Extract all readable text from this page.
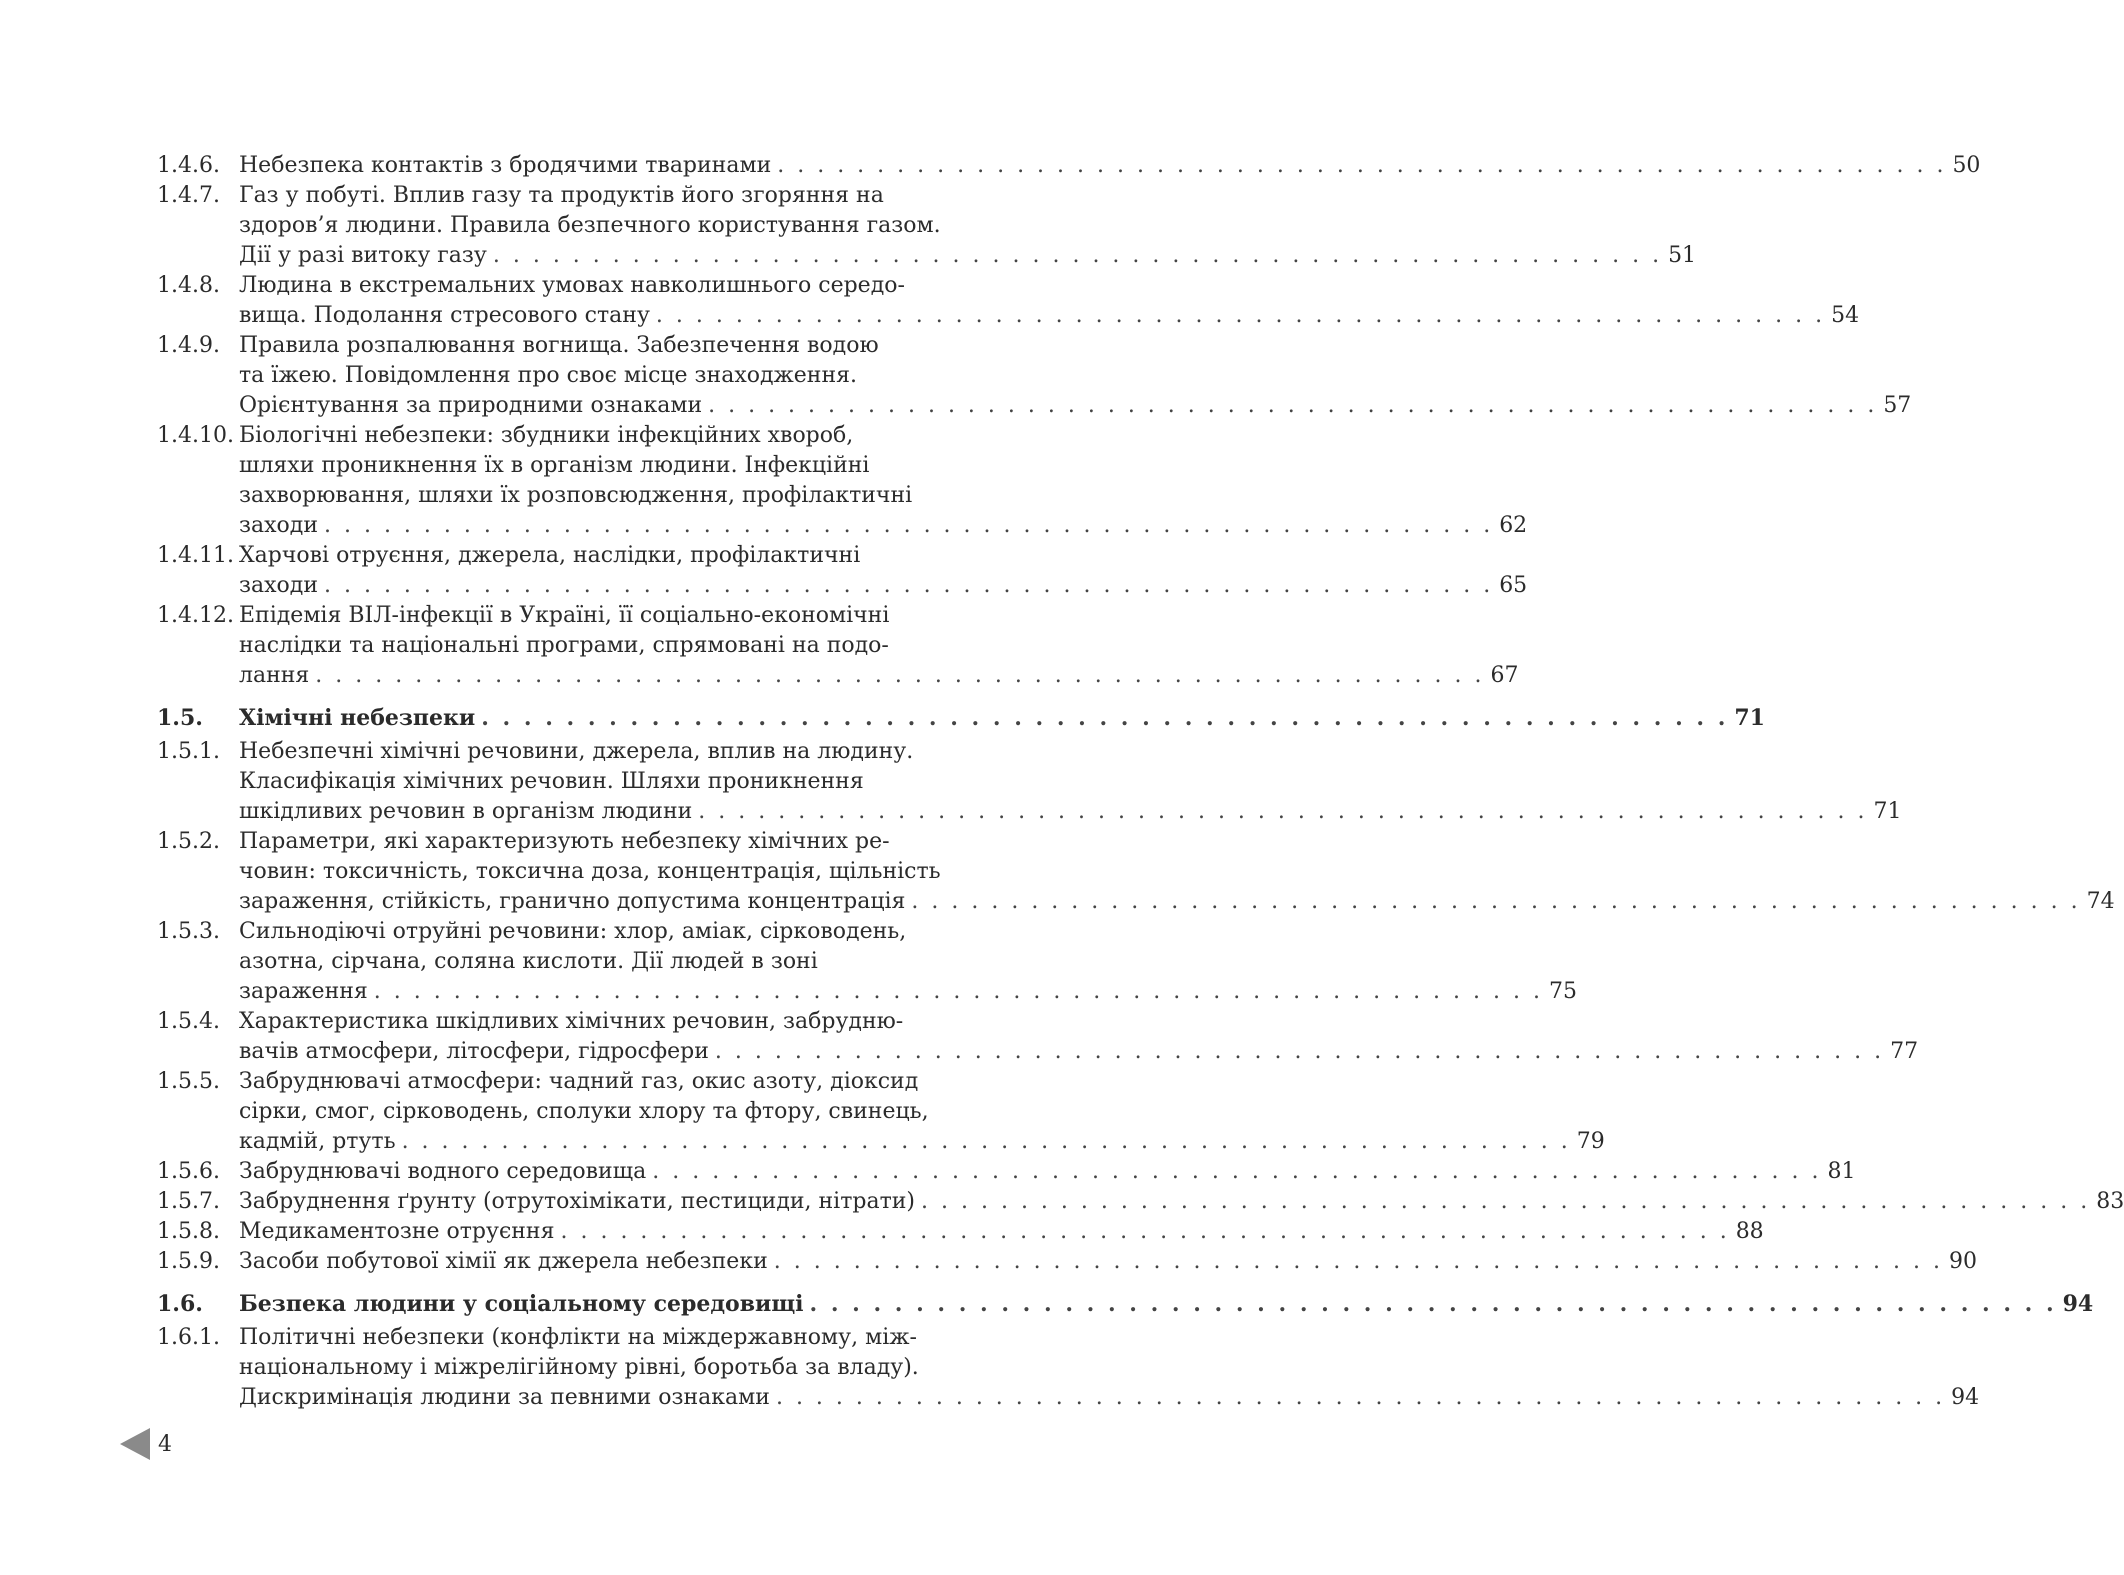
1.4.6. Небезпека контактів з бродячими тваринами . . . . . . . . . . . . . . . . . . . . . . . . . . . . . . . . . . . . . . . . . . . . . . . . . . . . . . . . . . . 50
1.4.7. Газ у побуті. Вплив газу та продуктів його згоряння на
здоров’я людини. Правила безпечного користування газом.
Дії у разі витоку газу . . . . . . . . . . . . . . . . . . . . . . . . . . . . . . . . . . . . . . . . . . . . . . . . . . . . . . . . . . . 51
1.4.8. Людина в екстремальних умовах навколишнього середо-
вища. Подолання стресового стану . . . . . . . . . . . . . . . . . . . . . . . . . . . . . . . . . . . . . . . . . . . . . . . . . . . . . . . . . . . 54
1.4.9. Правила розпалювання вогнища. Забезпечення водою
та їжею. Повідомлення про своє місце знаходження.
Орієнтування за природними ознаками . . . . . . . . . . . . . . . . . . . . . . . . . . . . . . . . . . . . . . . . . . . . . . . . . . . . . . . . . . . 57
1.4.10. Біологічні небезпеки: збудники інфекційних хвороб,
шляхи проникнення їх в організм людини. Інфекційні
захворювання, шляхи їх розповсюдження, профілактичні
заходи . . . . . . . . . . . . . . . . . . . . . . . . . . . . . . . . . . . . . . . . . . . . . . . . . . . . . . . . . . . 62
1.4.11. Харчові отруєння, джерела, наслідки, профілактичні
заходи . . . . . . . . . . . . . . . . . . . . . . . . . . . . . . . . . . . . . . . . . . . . . . . . . . . . . . . . . . . 65
1.4.12. Епідемія ВІЛ-інфекції в Україні, її соціально-економічні
наслідки та національні програми, спрямовані на подо-
лання . . . . . . . . . . . . . . . . . . . . . . . . . . . . . . . . . . . . . . . . . . . . . . . . . . . . . . . . . . . 67
1.5.	Хімічні небезпеки . . . . . . . . . . . . . . . . . . . . . . . . . . . . . . . . . . . . . . . . . . . . . . . . . . . . . . . . . . . 71
1.5.1. Небезпечні хімічні речовини, джерела, вплив на людину.
Класифікація хімічних речовин. Шляхи проникнення
шкідливих речовин в організм людини . . . . . . . . . . . . . . . . . . . . . . . . . . . . . . . . . . . . . . . . . . . . . . . . . . . . . . . . . . . 71
1.5.2. Параметри, які характеризують небезпеку хімічних ре-
човин: токсичність, токсична доза, концентрація, щільність
зараження, стійкість, гранично допустима концентрація . . . . . . . . . . . . . . . . . . . . . . . . . . . . . . . . . . . . . . . . . . . . . . . . . . . . . . . . . . . 74
1.5.3. Сильнодіючі отруйні речовини: хлор, аміак, сірководень,
азотна, сірчана, соляна кислоти. Дії людей в зоні
зараження . . . . . . . . . . . . . . . . . . . . . . . . . . . . . . . . . . . . . . . . . . . . . . . . . . . . . . . . . . . 75
1.5.4. Характеристика шкідливих хімічних речовин, забрудню-
вачів атмосфери, літосфери, гідросфери . . . . . . . . . . . . . . . . . . . . . . . . . . . . . . . . . . . . . . . . . . . . . . . . . . . . . . . . . . . 77
1.5.5. Забруднювачі атмосфери: чадний газ, окис азоту, діоксид
сірки, смог, сірководень, сполуки хлору та фтору, свинець,
кадмій, ртуть . . . . . . . . . . . . . . . . . . . . . . . . . . . . . . . . . . . . . . . . . . . . . . . . . . . . . . . . . . . 79
1.5.6. Забруднювачі водного середовища . . . . . . . . . . . . . . . . . . . . . . . . . . . . . . . . . . . . . . . . . . . . . . . . . . . . . . . . . . . 81
1.5.7. Забруднення ґрунту (отрутохімікати, пестициди, нітрати) . . . . . . . . . . . . . . . . . . . . . . . . . . . . . . . . . . . . . . . . . . . . . . . . . . . . . . . . . . . 83
1.5.8. Медикаментозне отруєння . . . . . . . . . . . . . . . . . . . . . . . . . . . . . . . . . . . . . . . . . . . . . . . . . . . . . . . . . . . 88
1.5.9. Засоби побутової хімії як джерела небезпеки . . . . . . . . . . . . . . . . . . . . . . . . . . . . . . . . . . . . . . . . . . . . . . . . . . . . . . . . . . . 90
1.6.	Безпека людини у соціальному середовищі . . . . . . . . . . . . . . . . . . . . . . . . . . . . . . . . . . . . . . . . . . . . . . . . . . . . . . . . . . . 94
1.6.1. Політичні небезпеки (конфлікти на міждержавному, між-
національному і міжрелігійному рівні, боротьба за владу).
Дискримінація людини за певними ознаками . . . . . . . . . . . . . . . . . . . . . . . . . . . . . . . . . . . . . . . . . . . . . . . . . . . . . . . . . . . 94
4
